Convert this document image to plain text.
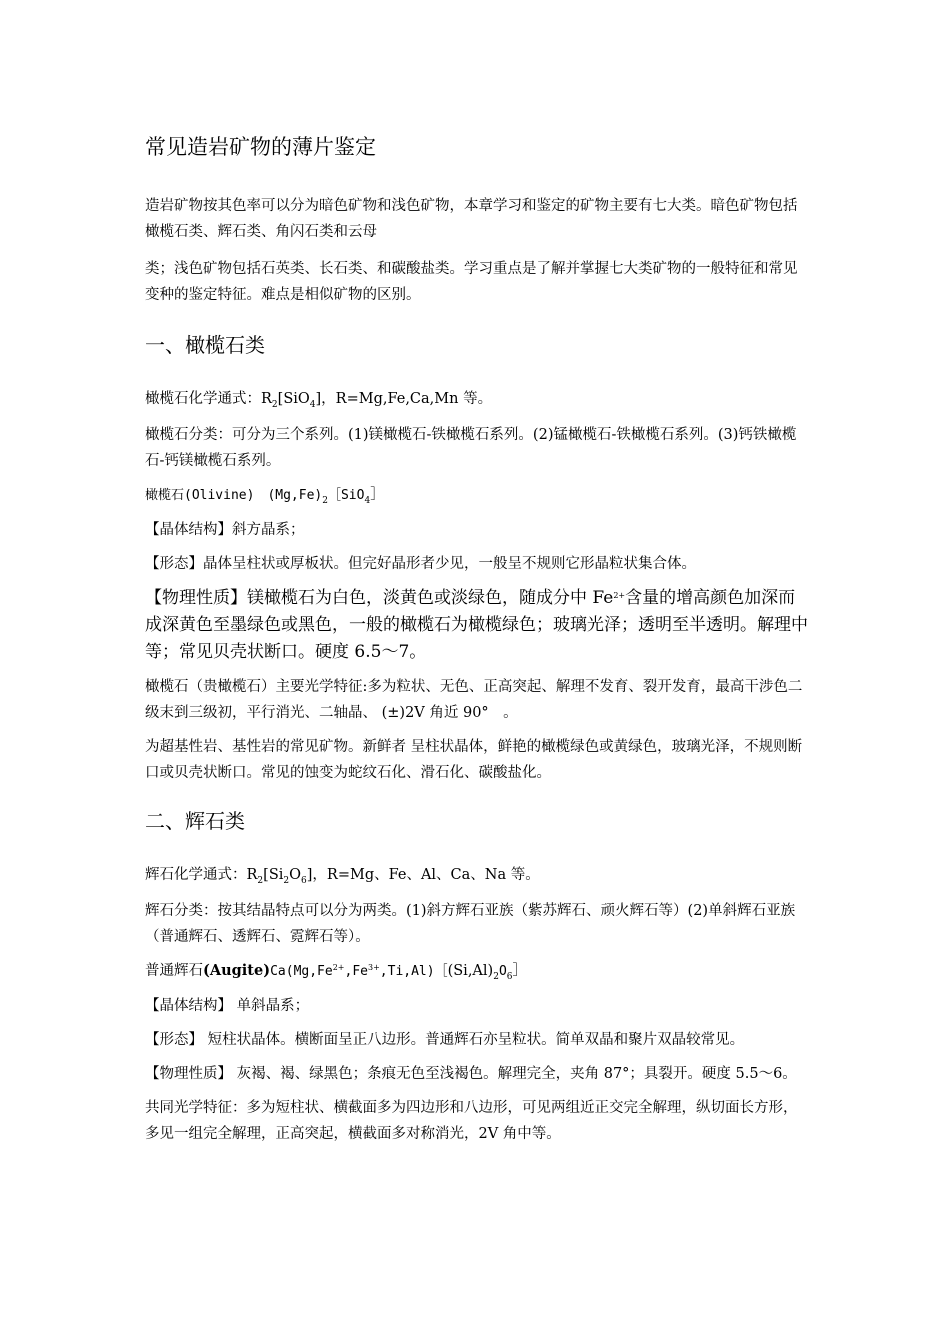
常见造岩矿物的薄片鉴定

造岩矿物按其色率可以分为暗色矿物和浅色矿物，本章学习和鉴定的矿物主要有七大类。暗色矿物包括橄榄石类、辉石类、角闪石类和云母

类；浅色矿物包括石英类、长石类、和碳酸盐类。学习重点是了解并掌握七大类矿物的一般特征和常见变种的鉴定特征。难点是相似矿物的区别。

一、橄榄石类

橄榄石化学通式：$R_2[SiO_4]$，R=Mg,Fe,Ca,Mn 等。

橄榄石分类：可分为三个系列。(1)镁橄榄石-铁橄榄石系列。(2)锰橄榄石-铁橄榄石系列。(3)钙铁橄榄石-钙镁橄榄石系列。

橄榄石(Olivine)　$(Mg,Fe)_2[SiO_4]$

【晶体结构】斜方晶系；

【形态】晶体呈柱状或厚板状。但完好晶形者少见，一般呈不规则它形晶粒状集合体。

【物理性质】镁橄榄石为白色，淡黄色或淡绿色，随成分中 $Fe^{2+}$含量的增高颜色加深而成深黄色至墨绿色或黑色，一般的橄榄石为橄榄绿色；玻璃光泽；透明至半透明。解理中等；常见贝壳状断口。硬度 6.5～7。

橄榄石（贵橄榄石）主要光学特征:多为粒状、无色、正高突起、解理不发育、裂开发育，最高干涉色二级末到三级初，平行消光、二轴晶、 (±)2V 角近 90°　。

为超基性岩、基性岩的常见矿物。新鲜者 呈柱状晶体，鲜艳的橄榄绿色或黄绿色，玻璃光泽，不规则断口或贝壳状断口。常见的蚀变为蛇纹石化、滑石化、碳酸盐化。

二、辉石类

辉石化学通式：$R_2[Si_2O_6]$，R=Mg、Fe、Al、Ca、Na 等。

辉石分类：按其结晶特点可以分为两类。(1)斜方辉石亚族（紫苏辉石、顽火辉石等）(2)单斜辉石亚族（普通辉石、透辉石、霓辉石等）。

普通辉石$(Augite)Ca(Mg,Fe^{2+},Fe^{3+},Ti,Al)[(Si,Al)_2O_6]$

【晶体结构】 单斜晶系；

【形态】 短柱状晶体。横断面呈正八边形。普通辉石亦呈粒状。简单双晶和聚片双晶较常见。

【物理性质】 灰褐、褐、绿黑色；条痕无色至浅褐色。解理完全，夹角 87°；具裂开。硬度 5.5～6。

共同光学特征：多为短柱状、横截面多为四边形和八边形，可见两组近正交完全解理，纵切面长方形，多见一组完全解理，正高突起，横截面多对称消光，2V 角中等。
